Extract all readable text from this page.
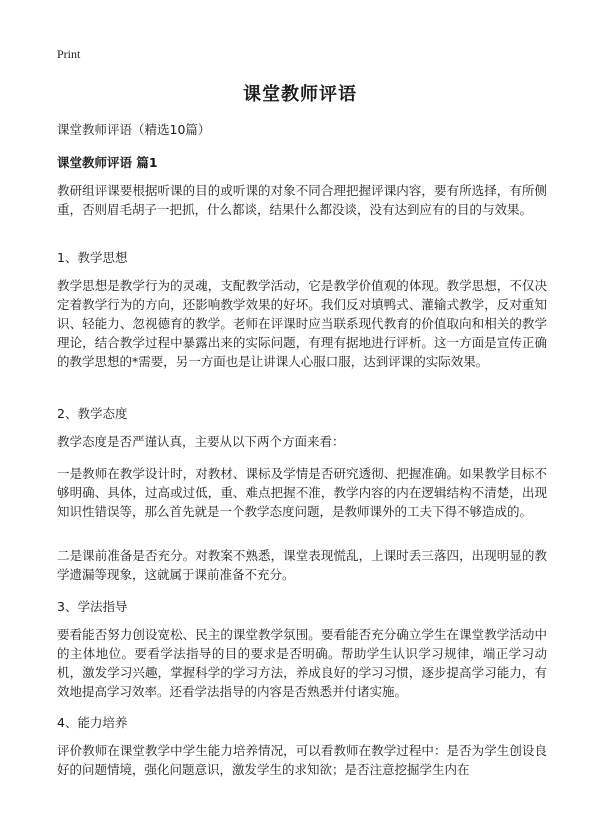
Print
课堂教师评语
课堂教师评语（精选10篇）
课堂教师评语 篇1
教研组评课要根据听课的目的或听课的对象不同合理把握评课内容，要有所选择，有所侧重，否则眉毛胡子一把抓，什么都谈，结果什么都没谈，没有达到应有的目的与效果。
1、教学思想
教学思想是教学行为的灵魂，支配教学活动，它是教学价值观的体现。教学思想，不仅决定着教学行为的方向，还影响教学效果的好坏。我们反对填鸭式、灌输式教学，反对重知识、轻能力、忽视德育的教学。老师在评课时应当联系现代教育的价值取向和相关的教学理论，结合教学过程中暴露出来的实际问题，有理有据地进行评析。这一方面是宣传正确的教学思想的*需要，另一方面也是让讲课人心服口服，达到评课的实际效果。
2、教学态度
教学态度是否严谨认真，主要从以下两个方面来看：
一是教师在教学设计时，对教材、课标及学情是否研究透彻、把握准确。如果教学目标不够明确、具体，过高或过低，重、难点把握不准，教学内容的内在逻辑结构不清楚，出现知识性错误等，那么首先就是一个教学态度问题，是教师课外的工夫下得不够造成的。
二是课前准备是否充分。对教案不熟悉，课堂表现慌乱，上课时丢三落四，出现明显的教学遗漏等现象，这就属于课前准备不充分。
3、学法指导
要看能否努力创设宽松、民主的课堂教学氛围。要看能否充分确立学生在课堂教学活动中的主体地位。要看学法指导的目的要求是否明确。帮助学生认识学习规律，端正学习动机，激发学习兴趣，掌握科学的学习方法，养成良好的学习习惯，逐步提高学习能力，有效地提高学习效率。还看学法指导的内容是否熟悉并付诸实施。
4、能力培养
评价教师在课堂教学中学生能力培养情况，可以看教师在教学过程中：是否为学生创设良好的问题情境，强化问题意识，激发学生的求知欲；是否注意挖掘学生内在
